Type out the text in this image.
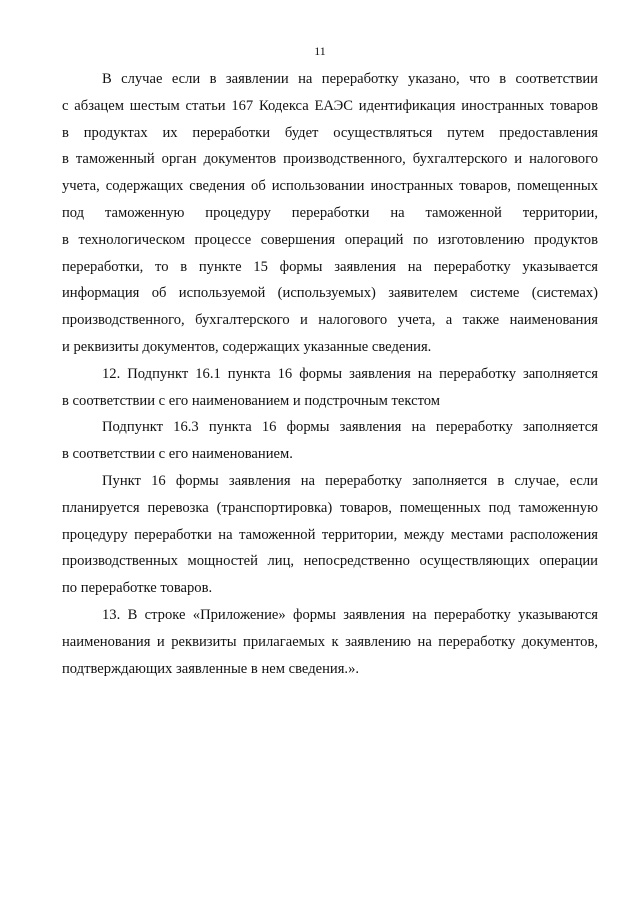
11
В случае если в заявлении на переработку указано, что в соответствии
с абзацем шестым статьи 167 Кодекса ЕАЭС идентификация иностранных товаров
в продуктах их переработки будет осуществляться путем предоставления
в таможенный орган документов производственного, бухгалтерского и налогового
учета, содержащих сведения об использовании иностранных товаров, помещенных
под таможенную процедуру переработки на таможенной территории,
в технологическом процессе совершения операций по изготовлению продуктов
переработки, то в пункте 15 формы заявления на переработку указывается
информация об используемой (используемых) заявителем системе (системах)
производственного, бухгалтерского и налогового учета, а также наименования
и реквизиты документов, содержащих указанные сведения.
12. Подпункт 16.1 пункта 16 формы заявления на переработку заполняется
в соответствии с его наименованием и подстрочным текстом
Подпункт 16.3 пункта 16 формы заявления на переработку заполняется
в соответствии с его наименованием.
Пункт 16 формы заявления на переработку заполняется в случае, если
планируется перевозка (транспортировка) товаров, помещенных под таможенную
процедуру переработки на таможенной территории, между местами расположения
производственных мощностей лиц, непосредственно осуществляющих операции
по переработке товаров.
13. В строке «Приложение» формы заявления на переработку указываются
наименования и реквизиты прилагаемых к заявлению на переработку документов,
подтверждающих заявленные в нем сведения.».
